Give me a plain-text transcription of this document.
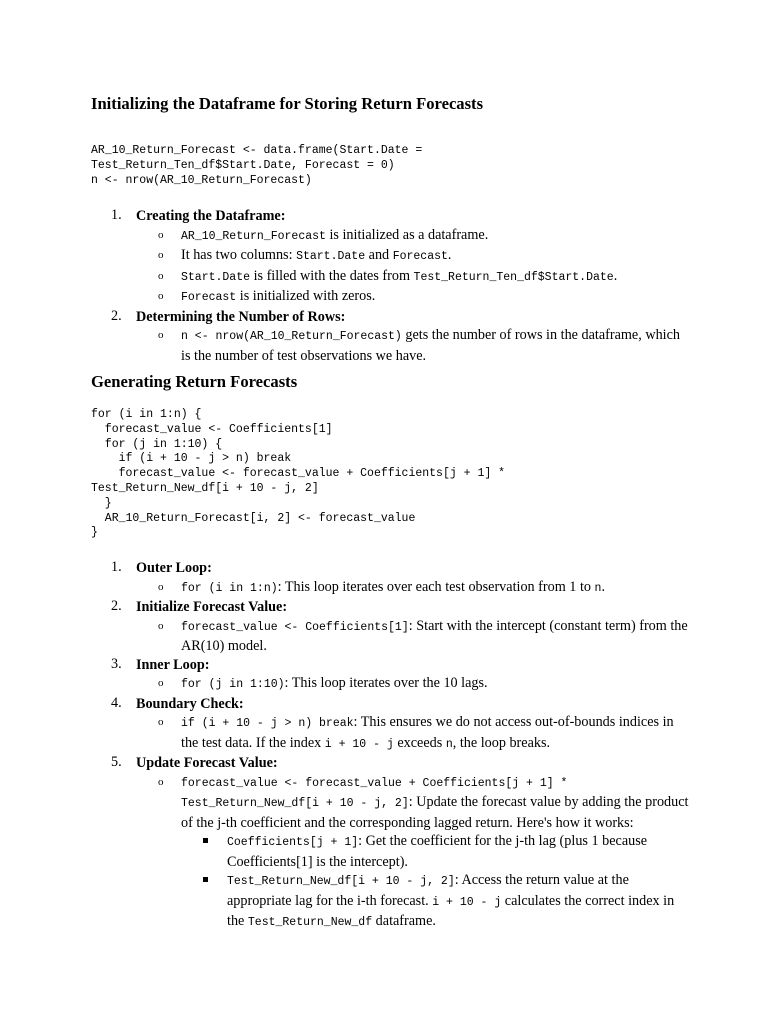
Initializing the Dataframe for Storing Return Forecasts
AR_10_Return_Forecast <- data.frame(Start.Date =
Test_Return_Ten_df$Start.Date, Forecast = 0)
n <- nrow(AR_10_Return_Forecast)
1.	Creating the Dataframe:
o AR_10_Return_Forecast is initialized as a dataframe.
o It has two columns: Start.Date and Forecast.
o Start.Date is filled with the dates from Test_Return_Ten_df$Start.Date.
o Forecast is initialized with zeros.
2.	Determining the Number of Rows:
o n <- nrow(AR_10_Return_Forecast) gets the number of rows in the dataframe, which is the number of test observations we have.
Generating Return Forecasts
for (i in 1:n) {
forecast_value <- Coefficients[1]
for (j in 1:10) {
if (i + 10 - j > n) break
forecast_value <- forecast_value + Coefficients[j + 1] *
Test_Return_New_df[i + 10 - j, 2]
}
AR_10_Return_Forecast[i, 2] <- forecast_value
}
1.	Outer Loop:
o for (i in 1:n): This loop iterates over each test observation from 1 to n.
2.	Initialize Forecast Value:
o forecast_value <- Coefficients[1]: Start with the intercept (constant term) from the AR(10) model.
3.	Inner Loop:
o for (j in 1:10): This loop iterates over the 10 lags.
4.	Boundary Check:
o if (i + 10 - j > n) break: This ensures we do not access out-of-bounds indices in the test data. If the index i + 10 - j exceeds n, the loop breaks.
5.	Update Forecast Value:
o forecast_value <- forecast_value + Coefficients[j + 1] * Test_Return_New_df[i + 10 - j, 2]: Update the forecast value by adding the product of the j-th coefficient and the corresponding lagged return. Here's how it works:
Coefficients[j + 1]: Get the coefficient for the j-th lag (plus 1 because Coefficients[1] is the intercept).
Test_Return_New_df[i + 10 - j, 2]: Access the return value at the appropriate lag for the i-th forecast. i + 10 - j calculates the correct index in the Test_Return_New_df dataframe.
